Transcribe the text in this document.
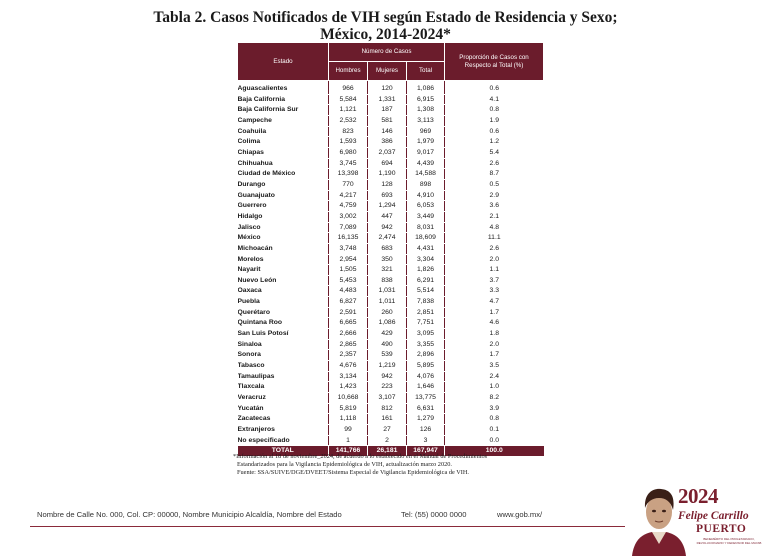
Tabla 2. Casos Notificados de VIH según Estado de Residencia y Sexo;
México, 2014-2024*
Estado	Número de Casos			Proporción de Casos con
Respecto al Total (%)

	Hombres	Mujeres	Total	
Aguascalientes	966	120	1,086	0.6
Baja California	5,584	1,331	6,915	4.1
Baja California Sur	1,121	187	1,308	0.8
Campeche	2,532	581	3,113	1.9
Coahuila	823	146	969	0.6
Colima	1,593	386	1,979	1.2
Chiapas	6,980	2,037	9,017	5.4
Chihuahua	3,745	694	4,439	2.6
Ciudad de México	13,398	1,190	14,588	8.7
Durango	770	128	898	0.5
Guanajuato	4,217	693	4,910	2.9
Guerrero	4,759	1,294	6,053	3.6
Hidalgo	3,002	447	3,449	2.1
Jalisco	7,089	942	8,031	4.8
México	16,135	2,474	18,609	11.1
Michoacán	3,748	683	4,431	2.6
Morelos	2,954	350	3,304	2.0
Nayarit	1,505	321	1,826	1.1
Nuevo León	5,453	838	6,291	3.7
Oaxaca	4,483	1,031	5,514	3.3
Puebla	6,827	1,011	7,838	4.7
Querétaro	2,591	260	2,851	1.7
Quintana Roo	6,665	1,086	7,751	4.6
San Luis Potosí	2,666	429	3,095	1.8
Sinaloa	2,865	490	3,355	2.0
Sonora	2,357	539	2,896	1.7
Tabasco	4,676	1,219	5,895	3.5
Tamaulipas	3,134	942	4,076	2.4
Tlaxcala	1,423	223	1,646	1.0
Veracruz	10,668	3,107	13,775	8.2
Yucatán	5,819	812	6,631	3.9
Zacatecas	1,118	161	1,279	0.8
Extranjeros	99	27	126	0.1
No especificado	1	2	3	0.0
TOTAL	141,766	26,181	167,947	100.0
*Información al 18 de noviembre_2024, de acuerdo a lo establecido en el Manual de Procedimientos
Estandarizados para la Vigilancia Epidemiológica de VIH, actualización marzo 2020.
Fuente: SSA/SUIVE/DGE/DVEET/Sistema Especial de Vigilancia Epidemiológica de VIH.
Nombre de Calle No. 000, Col. CP: 00000, Nombre Municipio Alcaldía, Nombre del Estado	Tel: (55) 0000 0000	www.gob.mx/
2024
Felipe Carrillo
PUERTO
BENEMÉRITO DEL PROLETARIADO, REVOLUCIONARIO Y DEFENSOR DEL MAYAB
